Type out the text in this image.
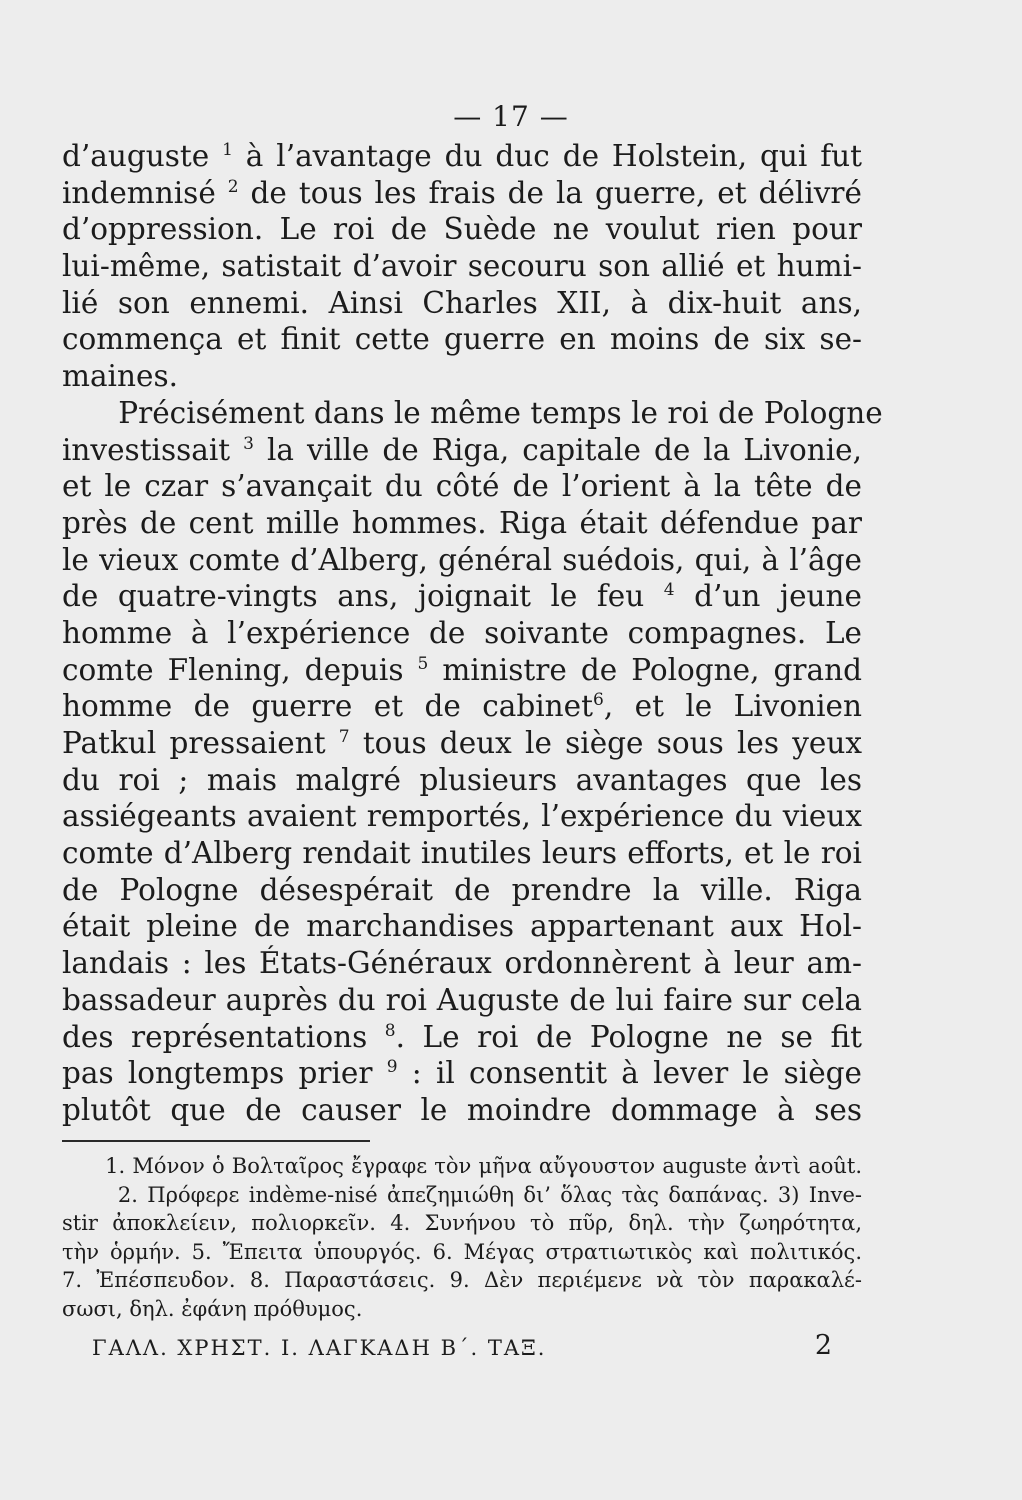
— 17 —
d’auguste $^1$ à l’avantage du duc de Holstein, qui fut
indemnisé $^2$ de tous les frais de la guerre, et délivré
d’oppression. Le roi de Suède ne voulut rien pour
lui-même, satistait d’avoir secouru son allié et humi-
lié son ennemi. Ainsi Charles XII, à dix-huit ans,
commença et finit cette guerre en moins de six se-
maines.
Précisément dans le même temps le roi de Pologne
investissait $^3$ la ville de Riga, capitale de la Livonie,
et le czar s’avançait du côté de l’orient à la tête de
près de cent mille hommes. Riga était défendue par
le vieux comte d’Alberg, général suédois, qui, à l’âge
de quatre-vingts ans, joignait le feu $^4$ d’un jeune
homme à l’expérience de soivante compagnes. Le
comte Flening, depuis $^5$ ministre de Pologne, grand
homme de guerre et de cabinet$^6$, et le Livonien
Patkul pressaient $^7$ tous deux le siège sous les yeux
du roi ; mais malgré plusieurs avantages que les
assiégeants avaient remportés, l’expérience du vieux
comte d’Alberg rendait inutiles leurs efforts, et le roi
de Pologne désespérait de prendre la ville. Riga
était pleine de marchandises appartenant aux Hol-
landais : les États-Généraux ordonnèrent à leur am-
bassadeur auprès du roi Auguste de lui faire sur cela
des représentations $^8$. Le roi de Pologne ne se fit
pas longtemps prier $^9$ : il consentit à lever le siège
plutôt que de causer le moindre dommage à ses
1. Μόνον ὁ Βολταῖρος ἔγραφε τὸν μῆνα αὔγουστον auguste ἀντὶ août.
2. Πρόφερε indème-nisé ἀπεζημιώθη δι’ ὅλας τὰς δαπάνας. 3) Inve-
stir ἀποκλείειν, πολιορκεῖν. 4. Συνήνου τὸ πῦρ, δηλ. τὴν ζωηρότητα,
τὴν ὁρμήν. 5. Ἔπειτα ὑπουργός. 6. Μέγας στρατιωτικὸς καὶ πολιτικός.
7. Ἐπέσπευδον. 8. Παραστάσεις. 9. Δὲν περιέμενε νὰ τὸν παρακαλέ-
σωσι, δηλ. ἐφάνη πρόθυμος.
ΓΑΛΛ. ΧΡΗΣΤ. Ι. ΛΑΓΚΑΔΗ Β΄. ΤΑΞ.	2
